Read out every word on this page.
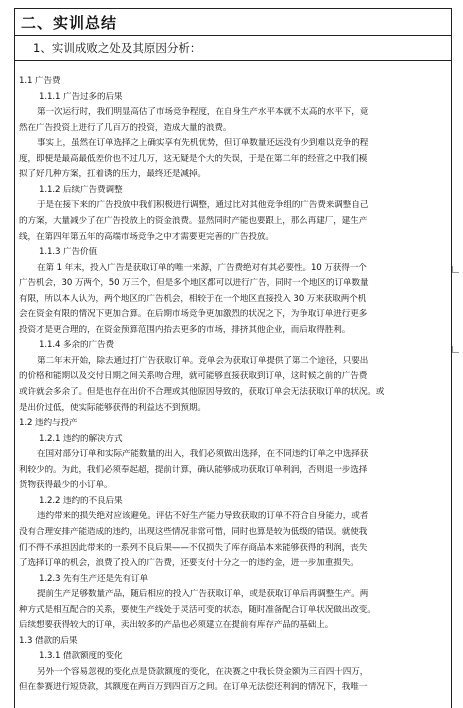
二、实训总结
1、实训成败之处及其原因分析：
1.1 广告费
1.1.1 广告过多的后果
第一次运行时，我们明显高估了市场竞争程度，在自身生产水平本就不太高的水平下，竟
然在广告投资上进行了几百万的投资，造成大量的浪费。
事实上，虽然在订单选择之上确实享有先机优势，但订单数量还远没有少到难以竞争的程
度，即便是最高最低差价也不过几万，这无疑是个大的失误，于是在第二年的经营之中我们模
拟了好几种方案，扛着诱的压力，最终还是减掉。
1.1.2 后续广告费调整
于是在接下来的广告投放中我们积极进行调整，通过比对其他竞争组的广告费来调整自己
的方案，大量减少了在广告投放上的资金浪费。显然同时产能也要跟上，那么再建厂，建生产
线，在第四年第五年的高端市场竞争之中才需要更完善的广告投放。
1.1.3 广告价值
在第 1 年末，投入广告是获取订单的唯一来源，广告费绝对有其必要性。10 万获得一个
广告机会，30 万两个，50 万三个，但是多个地区都可以进行广告，同时一个地区的订单数量
有限，所以本人认为，两个地区的广告机会，相较于在一个地区直接投入 30 万来获取两个机
会在资金有限的情况下更加合算。在后期市场竞争更加激烈的状况之下，为争取订单进行更多
投资才是更合理的，在资金预算范围内抬去更多的市场，排挤其他企业，而后取得胜利。
1.1.4 多余的广告费
第二年末开始，除去通过打广告获取订单。竞单会为获取订单提供了第二个途径，只要出
的价格和能期以及交付日期之间关系吻合理，就可能够直接获取到订单，这时候之前的广告费
或许就会多余了。但是也存在出价不合理或其他原因导致的，获取订单会无法获取订单的状况。或
是出价过低，使实际能够获得的利益达不到预期。
1.2 违约与投产
1.2.1 违约的解决方式
在国对部分订单和实际产能数量的出入，我们必须做出选择，在不同违约订单之中选择获
利较少的。为此，我们必须奉起超，提前计算，确认能够成功获取订单利润，否则退一步选择
货物获得最少的小订单。
1.2.2 违约的不良后果
违约带来的损失绝对应该避免。评估不好生产能力导致获取的订单不符合自身能力，或者
没有合理安排产能造成的违约，出现这些情况非常可惜，同时也算是较为低级的错误。就使我
们不得不承担因此带来的一系列不良后果——不仅损失了库存商品本来能够获得的利润，丧失
了选择订单的机会，浪费了投入的广告费，还要支付十分之一的违约金，进一步加重损失。
1.2.3 先有生产还是先有订单
提前生产足够数量产品，随后相应的投入广告获取订单，或是获取订单后再调整生产。两
种方式是相互配合的关系，要使生产线处于灵活可变的状态，随时准备配合订单状况做出改变。
后续想要获得较大的订单，卖出较多的产品也必须建立在提前有库存产品的基础上。
1.3 借款的后果
1.3.1 借款额度的变化
另外一个容易忽视的变化点是贷款额度的变化，在决赛之中我长贷金额为三百四十四万，
但在参赛进行短贷款，其额度在两百万到四百万之间。在订单无法偿还利润的情况下，我唯一
